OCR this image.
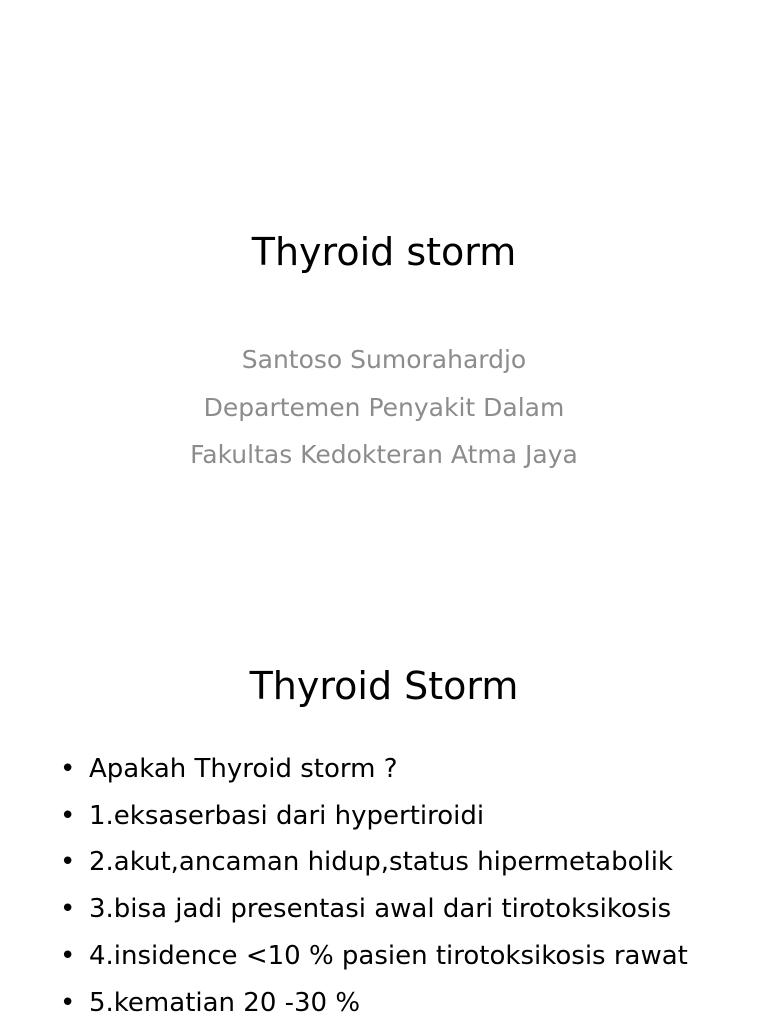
Thyroid storm
Santoso Sumorahardjo
Departemen Penyakit Dalam
Fakultas Kedokteran Atma Jaya
Thyroid Storm
• Apakah Thyroid storm ?
• 1.eksaserbasi dari hypertiroidi
• 2.akut,ancaman hidup,status hipermetabolik
• 3.bisa jadi presentasi awal dari tirotoksikosis
• 4.insidence <10 % pasien tirotoksikosis rawat
• 5.kematian 20 -30 %
